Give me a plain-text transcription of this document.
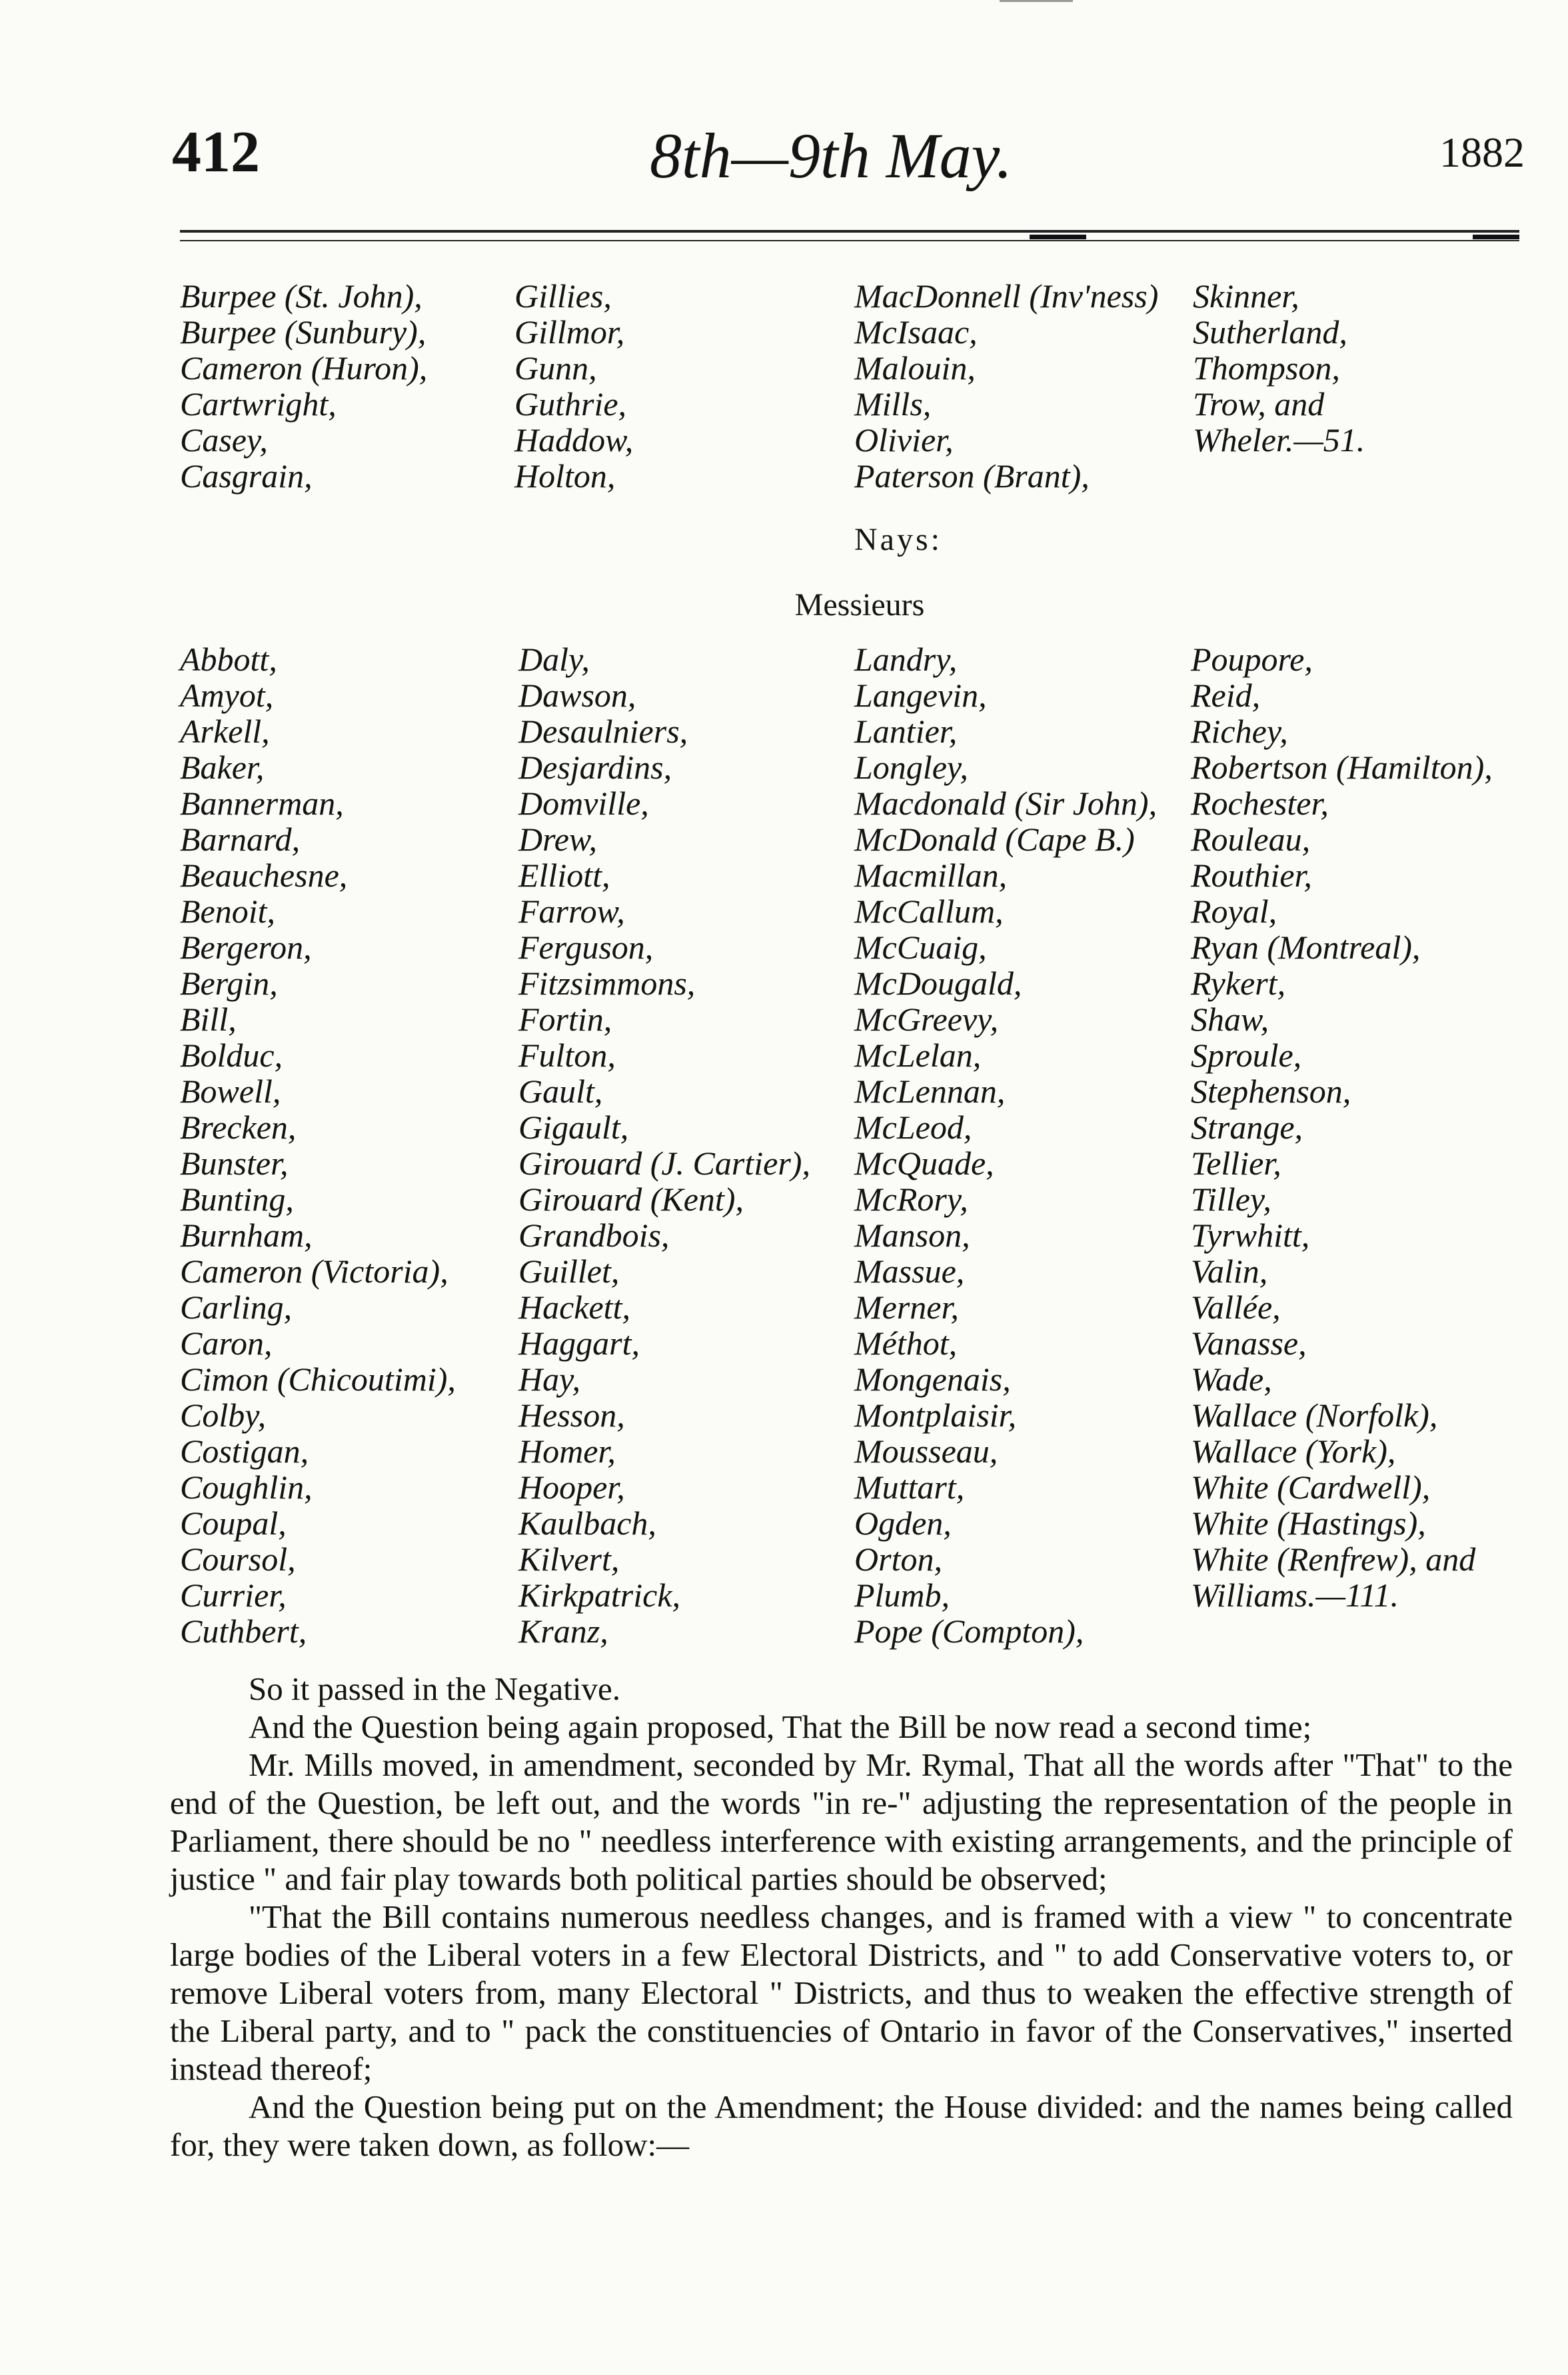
412	8th—9th May.	1882
Burpee (St. John),
Burpee (Sunbury),
Cameron (Huron),
Cartwright,
Casey,
Casgrain,
Gillies,
Gillmor,
Gunn,
Guthrie,
Haddow,
Holton,
MacDonnell (Inv'ness)
McIsaac,
Malouin,
Mills,
Olivier,
Paterson (Brant),
Skinner,
Sutherland,
Thompson,
Trow, and
Wheler.—51.
Nays:
Messieurs
Abbott,
Amyot,
Arkell,
Baker,
Bannerman,
Barnard,
Beauchesne,
Benoit,
Bergeron,
Bergin,
Bill,
Bolduc,
Bowell,
Brecken,
Bunster,
Bunting,
Burnham,
Cameron (Victoria),
Carling,
Caron,
Cimon (Chicoutimi),
Colby,
Costigan,
Coughlin,
Coupal,
Coursol,
Currier,
Cuthbert,
Daly,
Dawson,
Desaulniers,
Desjardins,
Domville,
Drew,
Elliott,
Farrow,
Ferguson,
Fitzsimmons,
Fortin,
Fulton,
Gault,
Gigault,
Girouard (J. Cartier),
Girouard (Kent),
Grandbois,
Guillet,
Hackett,
Haggart,
Hay,
Hesson,
Homer,
Hooper,
Kaulbach,
Kilvert,
Kirkpatrick,
Kranz,
Landry,
Langevin,
Lantier,
Longley,
Macdonald (Sir John),
McDonald (Cape B.)
Macmillan,
McCallum,
McCuaig,
McDougald,
McGreevy,
McLelan,
McLennan,
McLeod,
McQuade,
McRory,
Manson,
Massue,
Merner,
Méthot,
Mongenais,
Montplaisir,
Mousseau,
Muttart,
Ogden,
Orton,
Plumb,
Pope (Compton),
Poupore,
Reid,
Richey,
Robertson (Hamilton),
Rochester,
Rouleau,
Routhier,
Royal,
Ryan (Montreal),
Rykert,
Shaw,
Sproule,
Stephenson,
Strange,
Tellier,
Tilley,
Tyrwhitt,
Valin,
Vallée,
Vanasse,
Wade,
Wallace (Norfolk),
Wallace (York),
White (Cardwell),
White (Hastings),
White (Renfrew), and
Williams.—111.

So it passed in the Negative.

And the Question being again proposed, That the Bill be now read a second time;

Mr. Mills moved, in amendment, seconded by Mr. Rymal, That all the words after "That" to the end of the Question, be left out, and the words "in re-" adjusting the representation of the people in Parliament, there should be no " needless interference with existing arrangements, and the principle of justice " and fair play towards both political parties should be observed;

"That the Bill contains numerous needless changes, and is framed with a view " to concentrate large bodies of the Liberal voters in a few Electoral Districts, and " to add Conservative voters to, or remove Liberal voters from, many Electoral " Districts, and thus to weaken the effective strength of the Liberal party, and to " pack the constituencies of Ontario in favor of the Conservatives," inserted instead thereof;

And the Question being put on the Amendment; the House divided: and the names being called for, they were taken down, as follow:—
